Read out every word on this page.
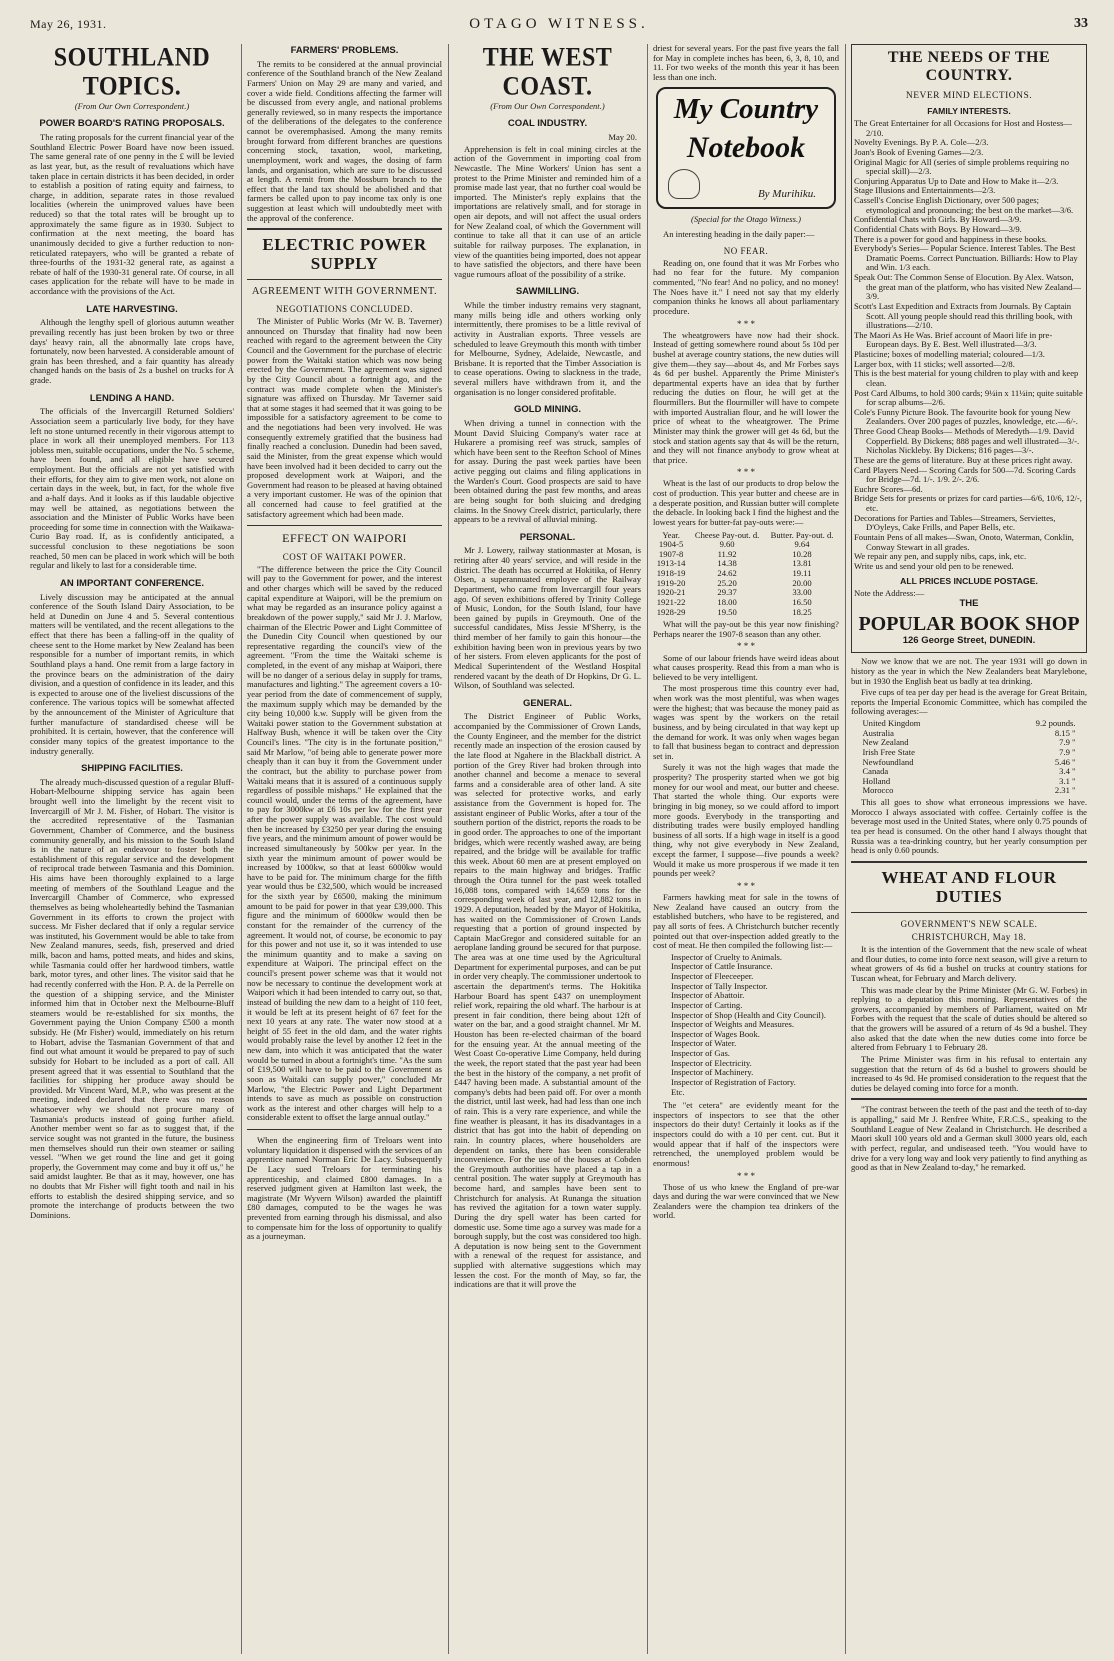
May 26, 1931.	OTAGO WITNESS.	33
SOUTHLAND TOPICS.
(From Our Own Correspondent.)
POWER BOARD'S RATING PROPOSALS.

The rating proposals for the current financial year of the Southland Electric Power Board have now been issued. The same general rate of one penny in the £ will be levied as last year, but, as the result of revaluations which have taken place in certain districts it has been decided, in order to establish a position of rating equity and fairness, to charge, in addition, separate rates in those revalued localities (wherein the unimproved values have been reduced) so that the total rates will be brought up to approximately the same figure as in 1930. Subject to confirmation at the next meeting, the board has unanimously decided to give a further reduction to non-reticulated ratepayers, who will be granted a rebate of three-fourths of the 1931-32 general rate, as against a rebate of half of the 1930-31 general rate. Of course, in all cases application for the rebate will have to be made in accordance with the provisions of the Act.

LATE HARVESTING.

Although the lengthy spell of glorious autumn weather prevailing recently has just been broken by two or three days' heavy rain, all the abnormally late crops have, fortunately, now been harvested. A considerable amount of grain has been threshed, and a fair quantity has already changed hands on the basis of 2s a bushel on trucks for A grade.

LENDING A HAND.

The officials of the Invercargill Returned Soldiers' Association seem a particularly live body, for they have left no stone unturned recently in their vigorous attempt to place in work all their unemployed members. For 113 jobless men, suitable occupations, under the No. 5 scheme, have been found, and all eligible have secured employment. But the officials are not yet satisfied with their efforts, for they aim to give men work, not alone on certain days in the week, but, in fact, for the whole five and a-half days. And it looks as if this laudable objective may well be attained, as negotiations between the association and the Minister of Public Works have been proceeding for some time in connection with the Waikawa-Curio Bay road. If, as is confidently anticipated, a successful conclusion to these negotiations be soon reached, 50 men can be placed in work which will be both regular and likely to last for a considerable time.

AN IMPORTANT CONFERENCE.

Lively discussion may be anticipated at the annual conference of the South Island Dairy Association, to be held at Dunedin on June 4 and 5. Several contentious matters will be ventilated, and the recent allegations to the effect that there has been a falling-off in the quality of cheese sent to the Home market by New Zealand has been responsible for a number of important remits, in which Southland plays a hand. One remit from a large factory in the province bears on the administration of the dairy division, and a question of confidence in its leader, and this is expected to arouse one of the liveliest discussions of the conference. The various topics will be somewhat affected by the announcement of the Minister of Agriculture that further manufacture of standardised cheese will be prohibited. It is certain, however, that the conference will consider many topics of the greatest importance to the industry generally.

SHIPPING FACILITIES.

The already much-discussed question of a regular Bluff-Hobart-Melbourne shipping service has again been brought well into the limelight by the recent visit to Invercargill of Mr J. M. Fisher, of Hobart. The visitor is the accredited representative of the Tasmanian Government, Chamber of Commerce, and the business community generally, and his mission to the South Island is in the nature of an endeavour to foster both the establishment of this regular service and the development of reciprocal trade between Tasmania and this Dominion. His aims have been thoroughly explained to a large meeting of members of the Southland League and the Invercargill Chamber of Commerce, who expressed themselves as being wholeheartedly behind the Tasmanian Government in its efforts to crown the project with success. Mr Fisher declared that if only a regular service was instituted, his Government would be able to take from New Zealand manures, seeds, fish, preserved and dried milk, bacon and hams, potted meats, and hides and skins, while Tasmania could offer her hardwood timbers, wattle bark, motor tyres, and other lines. The visitor said that he had recently conferred with the Hon. P. A. de la Perrelle on the question of a shipping service, and the Minister informed him that in October next the Melbourne-Bluff steamers would be re-established for six months, the Government paying the Union Company £500 a month subsidy. He (Mr Fisher) would, immediately on his return to Hobart, advise the Tasmanian Government of that and find out what amount it would be prepared to pay of such subsidy for Hobart to be included as a port of call. All present agreed that it was essential to Southland that the facilities for shipping her produce away should be provided. Mr Vincent Ward, M.P., who was present at the meeting, indeed declared that there was no reason whatsoever why we should not procure many of Tasmania's products instead of going further afield. Another member went so far as to suggest that, if the service sought was not granted in the future, the business men themselves should run their own steamer or sailing vessel. "When we get round the line and get it going properly, the Government may come and buy it off us," he said amidst laughter. Be that as it may, however, one has no doubts that Mr Fisher will fight tooth and nail in his efforts to establish the desired shipping service, and so promote the interchange of products between the two Dominions.

FARMERS' PROBLEMS.

The remits to be considered at the annual provincial conference of the Southland branch of the New Zealand Farmers' Union on May 29 are many and varied, and cover a wide field. Conditions affecting the farmer will be discussed from every angle, and national problems generally reviewed, so in many respects the importance of the deliberations of the delegates to the conference cannot be overemphasised. Among the many remits brought forward from different branches are questions concerning stock, taxation, wool, marketing, unemployment, work and wages, the dosing of farm lands, and organisation, which are sure to be discussed at length. A remit from the Mossburn branch to the effect that the land tax should be abolished and that farmers be called upon to pay income tax only is one suggestion at least which will undoubtedly meet with the approval of the conference.

ELECTRIC POWER SUPPLY
AGREEMENT WITH GOVERNMENT.
NEGOTIATIONS CONCLUDED.

The Minister of Public Works (Mr W. B. Taverner) announced on Thursday that finality had now been reached with regard to the agreement between the City Council and the Government for the purchase of electric power from the Waitaki station which was now being erected by the Government. The agreement was signed by the City Council about a fortnight ago, and the contract was made complete when the Minister's signature was affixed on Thursday. Mr Taverner said that at some stages it had seemed that it was going to be impossible for a satisfactory agreement to be come to and the negotiations had been very involved. He was consequently extremely gratified that the business had finally reached a conclusion. Dunedin had been saved, said the Minister, from the great expense which would have been involved had it been decided to carry out the proposed development work at Waipori, and the Government had reason to be pleased at having obtained a very important customer. He was of the opinion that all concerned had cause to feel gratified at the satisfactory agreement which had been made.

EFFECT ON WAIPORI
COST OF WAITAKI POWER.

"The difference between the price the City Council will pay to the Government for power, and the interest and other charges which will be saved by the reduced capital expenditure at Waipori, will be the premium on what may be regarded as an insurance policy against a breakdown of the power supply," said Mr J. J. Marlow, chairman of the Electric Power and Light Committee of the Dunedin City Council when questioned by our representative regarding the council's view of the agreement. "From the time the Waitaki scheme is completed, in the event of any mishap at Waipori, there will be no danger of a serious delay in supply for trams, manufactures and lighting." The agreement covers a 10-year period from the date of commencement of supply, the maximum supply which may be demanded by the city being 10,000 k.w. Supply will be given from the Waitaki power station to the Government substation at Halfway Bush, whence it will be taken over the City Council's lines. "The city is in the fortunate position," said Mr Marlow, "of being able to generate power more cheaply than it can buy it from the Government under the contract, but the ability to purchase power from Waitaki means that it is assured of a continuous supply regardless of possible mishaps." He explained that the council would, under the terms of the agreement, have to pay for 3000kw at £6 10s per kw for the first year after the power supply was available. The cost would then be increased by £3250 per year during the ensuing five years, and the minimum amount of power would be increased simultaneously by 500kw per year. In the sixth year the minimum amount of power would be increased by 1000kw, so that at least 6000kw would have to be paid for. The minimum charge for the fifth year would thus be £32,500, which would be increased for the sixth year by £6500, making the minimum amount to be paid for power in that year £39,000. This figure and the minimum of 6000kw would then be constant for the remainder of the currency of the agreement. It would not, of course, be economic to pay for this power and not use it, so it was intended to use the minimum quantity and to make a saving on expenditure at Waipori. The principal effect on the council's present power scheme was that it would not now be necessary to continue the development work at Waipori which it had been intended to carry out, so that, instead of building the new dam to a height of 110 feet, it would be left at its present height of 67 feet for the next 10 years at any rate. The water now stood at a height of 55 feet in the old dam, and the water rights would probably raise the level by another 12 feet in the new dam, into which it was anticipated that the water would be turned in about a fortnight's time. "As the sum of £19,500 will have to be paid to the Government as soon as Waitaki can supply power," concluded Mr Marlow, "the Electric Power and Light Department intends to save as much as possible on construction work as the interest and other charges will help to a considerable extent to offset the large annual outlay."

When the engineering firm of Treloars went into voluntary liquidation it dispensed with the services of an apprentice named Norman Eric De Lacy. Subsequently De Lacy sued Treloars for terminating his apprenticeship, and claimed £800 damages. In a reserved judgment given at Hamilton last week, the magistrate (Mr Wyvern Wilson) awarded the plaintiff £80 damages, computed to be the wages he was prevented from earning through his dismissal, and also to compensate him for the loss of opportunity to qualify as a journeyman.

THE WEST COAST.
(From Our Own Correspondent.)
COAL INDUSTRY.
May 20.

Apprehension is felt in coal mining circles at the action of the Government in importing coal from Newcastle. The Mine Workers' Union has sent a protest to the Prime Minister and reminded him of a promise made last year, that no further coal would be imported. The Minister's reply explains that the importations are relatively small, and for storage in open air depots, and will not affect the usual orders for New Zealand coal, of which the Government will continue to take all that it can use of an article suitable for railway purposes. The explanation, in view of the quantities being imported, does not appear to have satisfied the objectors, and there have been vague rumours afloat of the possibility of a strike.

SAWMILLING.

While the timber industry remains very stagnant, many mills being idle and others working only intermittently, there promises to be a little revival of activity in Australian exports. Three vessels are scheduled to leave Greymouth this month with timber for Melbourne, Sydney, Adelaide, Newcastle, and Brisbane. It is reported that the Timber Association is to cease operations. Owing to slackness in the trade, several millers have withdrawn from it, and the organisation is no longer considered profitable.

GOLD MINING.

When driving a tunnel in connection with the Mount David Sluicing Company's water race at Hukarere a promising reef was struck, samples of which have been sent to the Reefton School of Mines for assay. During the past week parties have been active pegging out claims and filing applications in the Warden's Court. Good prospects are said to have been obtained during the past few months, and areas are being sought for both sluicing and dredging claims. In the Snowy Creek district, particularly, there appears to be a revival of alluvial mining.

PERSONAL.

Mr J. Lowery, railway stationmaster at Mosan, is retiring after 40 years' service, and will reside in the district. The death has occurred at Hokitika, of Henry Olsen, a superannuated employee of the Railway Department, who came from Invercargill four years ago. Of seven exhibitions offered by Trinity College of Music, London, for the South Island, four have been gained by pupils in Greymouth. One of the successful candidates, Miss Jessie M'Sherry, is the third member of her family to gain this honour—the exhibition having been won in previous years by two of her sisters. From eleven applicants for the post of Medical Superintendent of the Westland Hospital rendered vacant by the death of Dr Hopkins, Dr G. L. Wilson, of Southland was selected.

GENERAL.

The District Engineer of Public Works, accompanied by the Commissioner of Crown Lands, the County Engineer, and the member for the district recently made an inspection of the erosion caused by the late flood at Ngahere in the Blackball district. A portion of the Grey River had broken through into another channel and become a menace to several farms and a considerable area of other land. A site was selected for protective works, and early assistance from the Government is hoped for. The assistant engineer of Public Works, after a tour of the southern portion of the district, reports the roads to be in good order. The approaches to one of the important bridges, which were recently washed away, are being repaired, and the bridge will be available for traffic this week. About 60 men are at present employed on repairs to the main highway and bridges. Traffic through the Otira tunnel for the past week totalled 16,088 tons, compared with 14,659 tons for the corresponding week of last year, and 12,882 tons in 1929. A deputation, headed by the Mayor of Hokitika, has waited on the Commissioner of Crown Lands requesting that a portion of ground inspected by Captain MacGregor and considered suitable for an aeroplane landing ground be secured for that purpose. The area was at one time used by the Agricultural Department for experimental purposes, and can be put in order very cheaply. The commissioner undertook to ascertain the department's terms. The Hokitika Harbour Board has spent £437 on unemployment relief work, repairing the old wharf. The harbour is at present in fair condition, there being about 12ft of water on the bar, and a good straight channel. Mr M. Houston has been re-elected chairman of the board for the ensuing year. At the annual meeting of the West Coast Co-operative Lime Company, held during the week, the report stated that the past year had been the best in the history of the company, a net profit of £447 having been made. A substantial amount of the company's debts had been paid off. For over a month the district, until last week, had had less than one inch of rain. This is a very rare experience, and while the fine weather is pleasant, it has its disadvantages in a district that has got into the habit of depending on rain. In country places, where householders are dependent on tanks, there has been considerable inconvenience. For the use of the houses at Cobden the Greymouth authorities have placed a tap in a central position. The water supply at Greymouth has become hard, and samples have been sent to Christchurch for analysis. At Runanga the situation has revived the agitation for a town water supply. During the dry spell water has been carted for domestic use. Some time ago a survey was made for a borough supply, but the cost was considered too high. A deputation is now being sent to the Government with a renewal of the request for assistance, and supplied with alternative suggestions which may lessen the cost. For the month of May, so far, the indications are that it will prove the

driest for several years. For the past five years the fall for May in complete inches has been, 6, 3, 8, 10, and 11. For two weeks of the month this year it has been less than one inch.

My Country
Notebook
By Murihiku.
(Special for the Otago Witness.)

An interesting heading in the daily paper:—

NO FEAR.

Reading on, one found that it was Mr Forbes who had no fear for the future. My companion commented, "No fear! And no policy, and no money! The Noes have it." I need not say that my elderly companion thinks he knows all about parliamentary procedure.

* * *

The wheatgrowers have now had their shock. Instead of getting somewhere round about 5s 10d per bushel at average country stations, the new duties will give them—they say—about 4s, and Mr Forbes says 4s 6d per bushel. Apparently the Prime Minister's departmental experts have an idea that by further reducing the duties on flour, he will get at the flourmillers. But the flourmiller will have to compete with imported Australian flour, and he will lower the price of wheat to the wheatgrower. The Prime Minister may think the grower will get 4s 6d, but the stock and station agents say that 4s will be the return, and they will not finance anybody to grow wheat at that price.

* * *

Wheat is the last of our products to drop below the cost of production. This year butter and cheese are in a desperate position, and Russian butter will complete the debacle. In looking back I find the highest and the lowest years for butter-fat pay-outs were:—

Year.	Cheese Pay-out. d.	Butter. Pay-out. d.
1904-5	9.60	9.64
1907-8	11.92	10.28
1913-14	14.38	13.81
1918-19	24.62	19.11
1919-20	25.20	20.00
1920-21	29.37	33.00
1921-22	18.00	16.50
1928-29	19.50	18.25

What will the pay-out be this year now finishing? Perhaps nearer the 1907-8 season than any other.

* * *

Some of our labour friends have weird ideas about what causes prosperity. Read this from a man who is believed to be very intelligent.

The most prosperous time this country ever had, when work was the most plentiful, was when wages were the highest; that was because the money paid as wages was spent by the workers on the retail business, and by being circulated in that way kept up the demand for work. It was only when wages began to fall that business began to contract and depression set in.

Surely it was not the high wages that made the prosperity? The prosperity started when we got big money for our wool and meat, our butter and cheese. That started the whole thing. Our exports were bringing in big money, so we could afford to import more goods. Everybody in the transporting and distributing trades were busily employed handling business of all sorts. If a high wage in itself is a good thing, why not give everybody in New Zealand, except the farmer, I suppose—five pounds a week? Would it make us more prosperous if we made it ten pounds per week?

* * *

Farmers hawking meat for sale in the towns of New Zealand have caused an outcry from the established butchers, who have to be registered, and pay all sorts of fees. A Christchurch butcher recently pointed out that over-inspection added greatly to the cost of meat. He then compiled the following list:—

Inspector of Cruelty to Animals.
Inspector of Cattle Insurance.
Inspector of Fleeceeper.
Inspector of Tally Inspector.
Inspector of Abattoir.
Inspector of Carting.
Inspector of Shop (Health and City Council).
Inspector of Weights and Measures.
Inspector of Wages Book.
Inspector of Water.
Inspector of Gas.
Inspector of Electricity.
Inspector of Machinery.
Inspector of Registration of Factory.
Etc.

The "et cetera" are evidently meant for the inspectors of inspectors to see that the other inspectors do their duty! Certainly it looks as if the inspectors could do with a 10 per cent. cut. But it would appear that if half of the inspectors were retrenched, the unemployed problem would be enormous!

* * *

Those of us who knew the England of pre-war days and during the war were convinced that we New Zealanders were the champion tea drinkers of the world.

THE NEEDS OF THE COUNTRY.
NEVER MIND ELECTIONS.
FAMILY INTERESTS.
The Great Entertainer for all Occasions for Host and Hostess—2/10.
Novelty Evenings. By P. A. Cole—2/3.
Joan's Book of Evening Games—2/3.
Original Magic for All (series of simple problems requiring no special skill)—2/3.
Conjuring Apparatus Up to Date and How to Make it—2/3.
Stage Illusions and Entertainments—2/3.
Cassell's Concise English Dictionary, over 500 pages; etymological and pronouncing; the best on the market—3/6.
Confidential Chats with Girls. By Howard—3/9.
Confidential Chats with Boys. By Howard—3/9.
There is a power for good and happiness in these books.
Everybody's Series— Popular Science. Interest Tables. The Best Dramatic Poems. Correct Punctuation. Billiards: How to Play and Win. 1/3 each.
Speak Out: The Common Sense of Elocution. By Alex. Watson, the great man of the platform, who has visited New Zealand—3/9.
Scott's Last Expedition and Extracts from Journals. By Captain Scott. All young people should read this thrilling book, with illustrations—2/10.
The Maori As He Was. Brief account of Maori life in pre-European days. By E. Best. Well illustrated—3/3.
Plasticine; boxes of modelling material; coloured—1/3.
Larger box, with 11 sticks; well assorted—2/8.
This is the best material for young children to play with and keep clean.
Post Card Albums, to hold 300 cards; 9¼in x 11¼in; quite suitable for scrap albums—2/6.
Cole's Funny Picture Book. The favourite book for young New Zealanders. Over 200 pages of puzzles, knowledge, etc.—6/-.
Three Good Cheap Books— Methods of Meredyth—1/9. David Copperfield. By Dickens; 888 pages and well illustrated—3/-. Nicholas Nickleby. By Dickens; 816 pages—3/-.
These are the gems of literature. Buy at these prices right away.
Card Players Need— Scoring Cards for 500—7d. Scoring Cards for Bridge—7d. 1/-. 1/9. 2/-. 2/6.
Euchre Scores—6d.
Bridge Sets for presents or prizes for card parties—6/6, 10/6, 12/-, etc.
Decorations for Parties and Tables—Streamers, Serviettes, D'Oyleys, Cake Frills, and Paper Bells, etc.
Fountain Pens of all makes—Swan, Onoto, Waterman, Conklin, Conway Stewart in all grades.
We repair any pen, and supply nibs, caps, ink, etc.
Write us and send your old pen to be renewed.
ALL PRICES INCLUDE POSTAGE.
Note the Address:—
THE
POPULAR BOOK SHOP
126 George Street, DUNEDIN.

Now we know that we are not. The year 1931 will go down in history as the year in which the New Zealanders beat Marylebone, but in 1930 the English beat us badly at tea drinking.

Five cups of tea per day per head is the average for Great Britain, reports the Imperial Economic Committee, which has compiled the following averages:—

United Kingdom	9.2 pounds.
Australia	8.15 "
New Zealand	7.9 "
Irish Free State	7.9 "
Newfoundland	5.46 "
Canada	3.4 "
Holland	3.1 "
Morocco	2.31 "

This all goes to show what erroneous impressions we have. Morocco I always associated with coffee. Certainly coffee is the beverage most used in the United States, where only 0.75 pounds of tea per head is consumed. On the other hand I always thought that Russia was a tea-drinking country, but her yearly consumption per head is only 0.60 pounds.

WHEAT AND FLOUR DUTIES
GOVERNMENT'S NEW SCALE.
CHRISTCHURCH, May 18.

It is the intention of the Government that the new scale of wheat and flour duties, to come into force next season, will give a return to wheat growers of 4s 6d a bushel on trucks at country stations for Tuscan wheat, for February and March delivery.

This was made clear by the Prime Minister (Mr G. W. Forbes) in replying to a deputation this morning. Representatives of the growers, accompanied by members of Parliament, waited on Mr Forbes with the request that the scale of duties should be altered so that the growers will be assured of a return of 4s 9d a bushel. They also asked that the date when the new duties come into force be altered from February 1 to February 28.

The Prime Minister was firm in his refusal to entertain any suggestion that the return of 4s 6d a bushel to growers should be increased to 4s 9d. He promised consideration to the request that the duties be delayed coming into force for a month.

"The contrast between the teeth of the past and the teeth of to-day is appalling," said Mr J. Renfree White, F.R.C.S., speaking to the Southland League of New Zealand in Christchurch. He described a Maori skull 100 years old and a German skull 3000 years old, each with perfect, regular, and undiseased teeth. "You would have to drive for a very long way and look very patiently to find anything as good as that in New Zealand to-day," he remarked.
